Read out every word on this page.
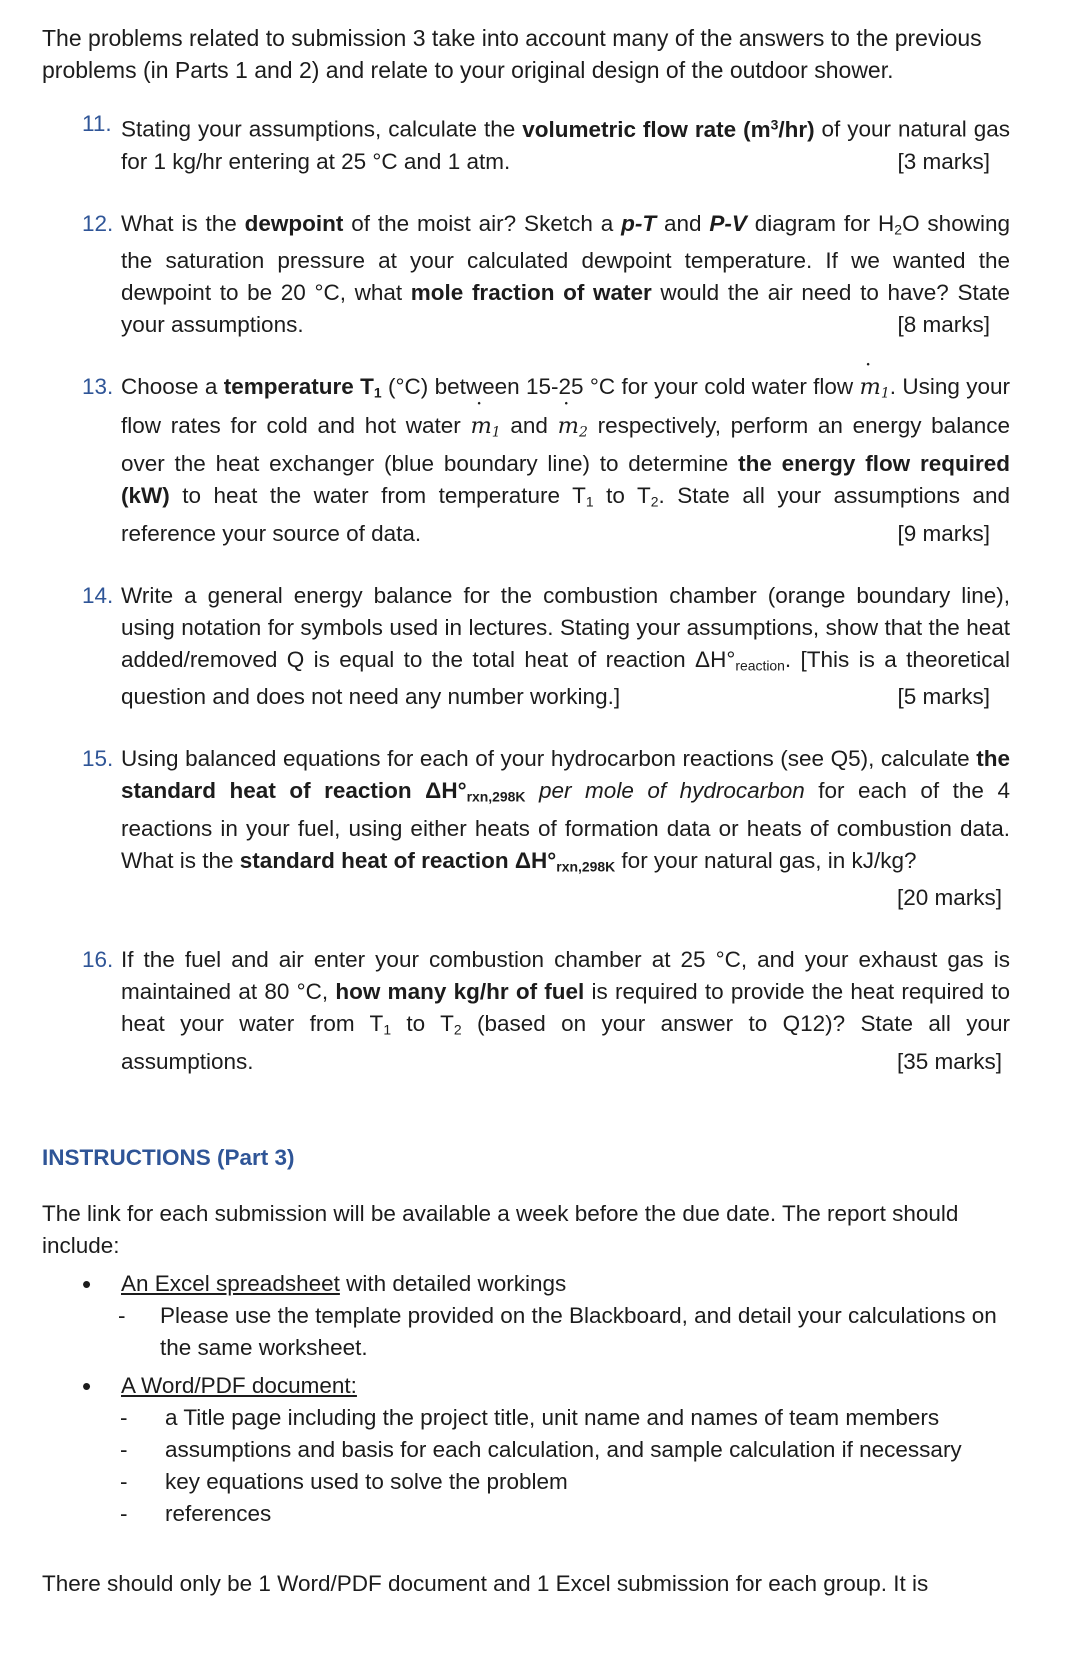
The problems related to submission 3 take into account many of the answers to the previous problems (in Parts 1 and 2) and relate to your original design of the outdoor shower.

11. Stating your assumptions, calculate the volumetric flow rate $(m^3/hr)$ of your natural gas for 1 kg/hr entering at 25 °C and 1 atm.	[3 marks]
12. What is the dewpoint of the moist air? Sketch a p-T and P-V diagram for $H_2O$ showing the saturation pressure at your calculated dewpoint temperature. If we wanted the dewpoint to be 20 °C, what mole fraction of water would the air need to have? State your assumptions.	[8 marks]
13. Choose a temperature $T_1$ (°C) between 15-25 °C for your cold water flow ˙ $m_1$. Using your flow rates for cold and hot water ˙ $m_1$ and ˙ $m_2$ respectively, perform an energy balance over the heat exchanger (blue boundary line) to determine the energy flow required (kW) to heat the water from temperature $T_1$ to $T_2$. State all your assumptions and reference your source of data.	[9 marks]
14. Write a general energy balance for the combustion chamber (orange boundary line), using notation for symbols used in lectures. Stating your assumptions, show that the heat added/removed Q is equal to the total heat of reaction $\Delta H^\circ_{reaction}$. [This is a theoretical question and does not need any number working.]	[5 marks]
15. Using balanced equations for each of your hydrocarbon reactions (see Q5), calculate the standard heat of reaction $\Delta H^\circ_{rxn,298K}$ per mole of hydrocarbon for each of the 4 reactions in your fuel, using either heats of formation data or heats of combustion data. What is the standard heat of reaction $\Delta H^\circ_{rxn,298K}$ for your natural gas, in kJ/kg?
[20 marks]
16. If the fuel and air enter your combustion chamber at 25 °C, and your exhaust gas is maintained at 80 °C, how many kg/hr of fuel is required to provide the heat required to heat your water from $T_1$ to $T_2$ (based on your answer to Q12)? State all your assumptions.	[35 marks]
INSTRUCTIONS (Part 3)

The link for each submission will be available a week before the due date. The report should include:

• An Excel spreadsheet with detailed workings
- Please use the template provided on the Blackboard, and detail your calculations on the same worksheet.
• A Word/PDF document:
- a Title page including the project title, unit name and names of team members
- assumptions and basis for each calculation, and sample calculation if necessary
- key equations used to solve the problem
- references

There should only be 1 Word/PDF document and 1 Excel submission for each group. It is
